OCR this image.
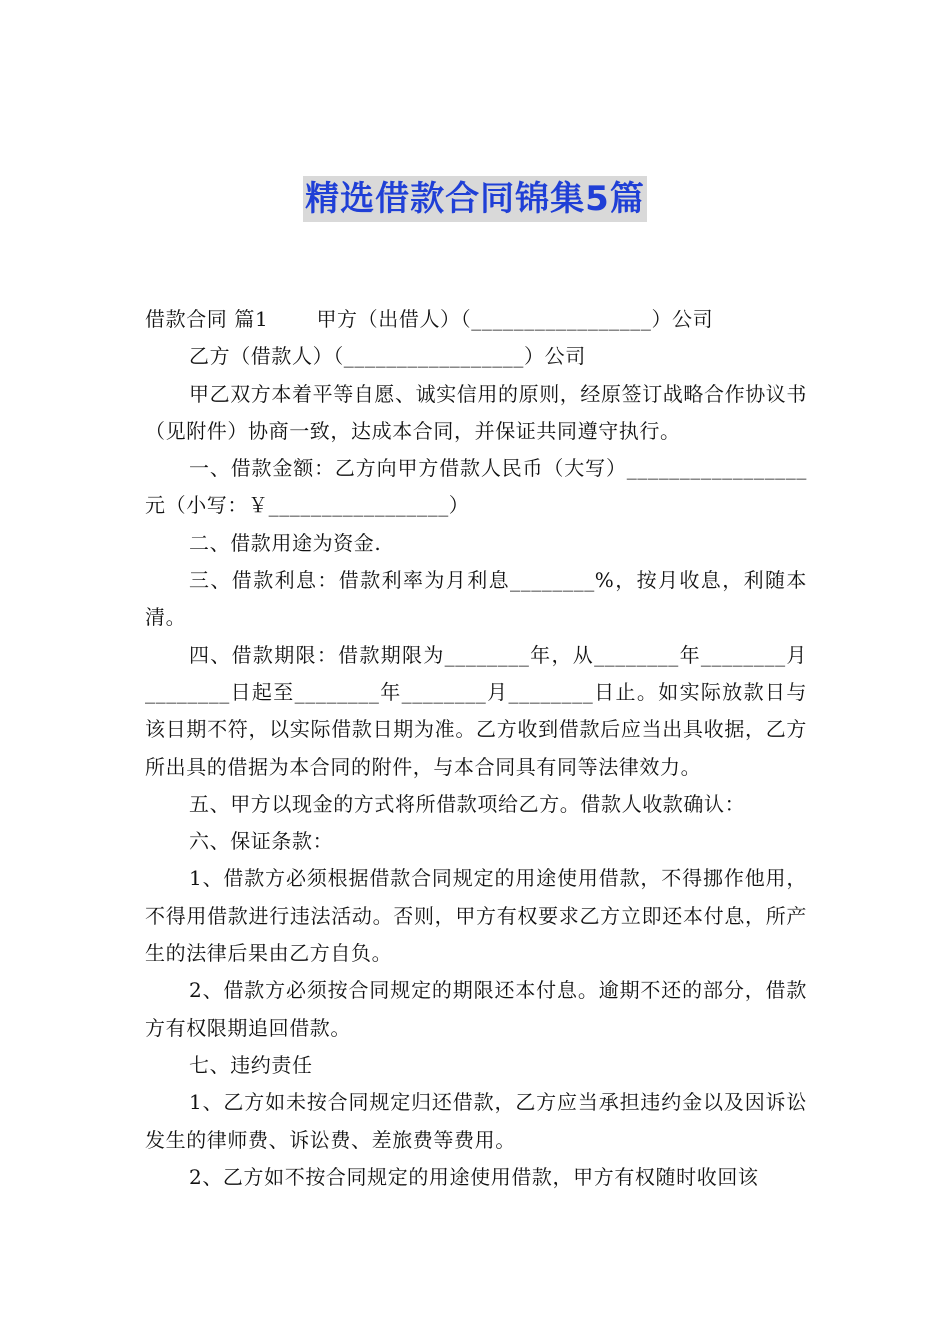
精选借款合同锦集5篇

借款合同 篇1 　　甲方（出借人）（_________________）公司

乙方（借款人）（_________________）公司

甲乙双方本着平等自愿、诚实信用的原则，经原签订战略合作协议书（见附件）协商一致，达成本合同，并保证共同遵守执行。

一、借款金额：乙方向甲方借款人民币（大写）_____________​____元（小写：￥_________________）

二、借款用途为资金.

三、借款利息：借款利率为月利息________%，按月收息，利随本清。

四、借款期限：借款期限为________年，从________年_______​_月________日起至________年________月________日止。如实际放款日与该日期不符，以实际借款日期为准。乙方收到借款后应当出具收据，乙方所出具的借据为本合同的附件，与本合同具有同等法律效力。

五、甲方以现金的方式将所借款项给乙方。借款人收款确认：

六、保证条款：

1、借款方必须根据借款合同规定的用途使用借款，不得挪作他用，不得用借款进行违法活动。否则，甲方有权要求乙方立即还本付息，所产生的法律后果由乙方自负。

2、借款方必须按合同规定的期限还本付息。逾期不还的部分，借款方有权限期追回借款。

七、违约责任

1、乙方如未按合同规定归还借款，乙方应当承担违约金以及因诉讼发生的律师费、诉讼费、差旅费等费用。

2、乙方如不按合同规定的用途使用借款，甲方有权随时收回该
